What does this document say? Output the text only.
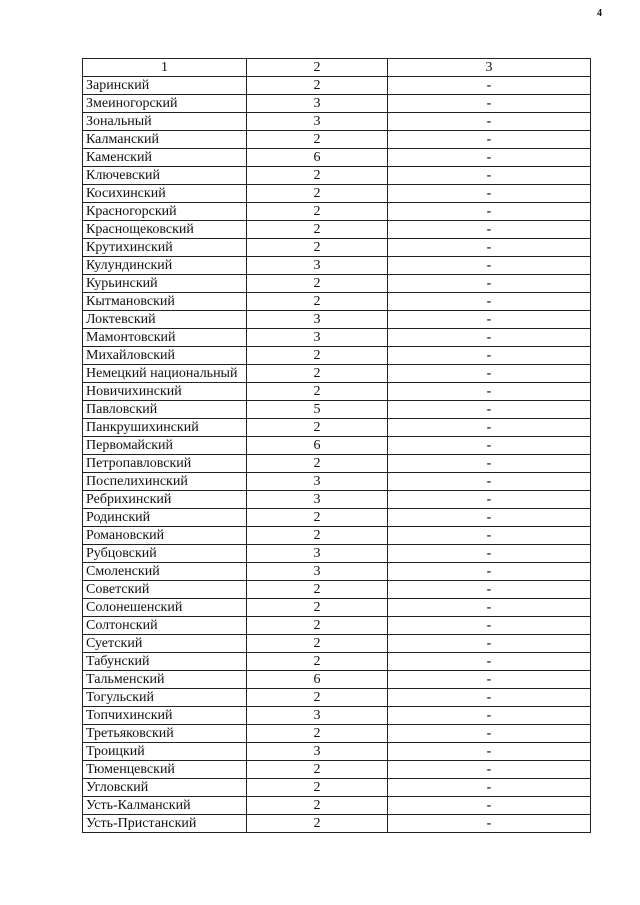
4
1	2	3
Заринский	2	-
Змеиногорский	3	-
Зональный	3	-
Калманский	2	-
Каменский	6	-
Ключевский	2	-
Косихинский	2	-
Красногорский	2	-
Краснощековский	2	-
Крутихинский	2	-
Кулундинский	3	-
Курьинский	2	-
Кытмановский	2	-
Локтевский	3	-
Мамонтовский	3	-
Михайловский	2	-
Немецкий национальный	2	-
Новичихинский	2	-
Павловский	5	-
Панкрушихинский	2	-
Первомайский	6	-
Петропавловский	2	-
Поспелихинский	3	-
Ребрихинский	3	-
Родинский	2	-
Романовский	2	-
Рубцовский	3	-
Смоленский	3	-
Советский	2	-
Солонешенский	2	-
Солтонский	2	-
Суетский	2	-
Табунский	2	-
Тальменский	6	-
Тогульский	2	-
Топчихинский	3	-
Третьяковский	2	-
Троицкий	3	-
Тюменцевский	2	-
Угловский	2	-
Усть-Калманский	2	-
Усть-Пристанский	2	-
